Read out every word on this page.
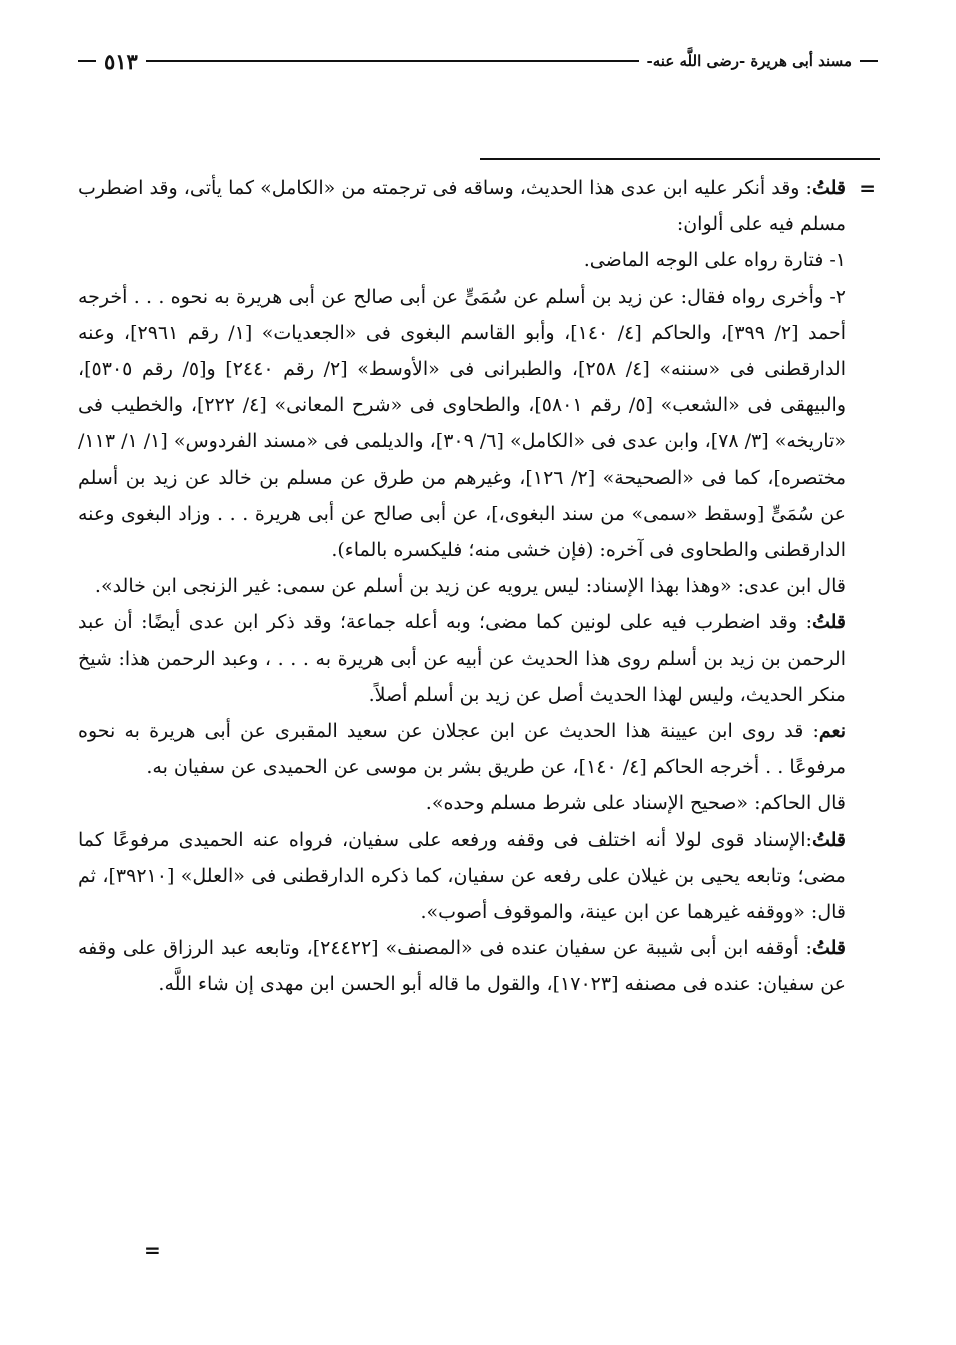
مسند أبى هريرة -رضى اللَّه عنه-
٥١٣
=

قلتُ: وقد أنكر عليه ابن عدى هذا الحديث، وساقه فى ترجمته من «الكامل» كما يأتى، وقد اضطرب مسلم فيه على ألوان:

١- فتارة رواه على الوجه الماضى.

٢- وأخرى رواه فقال: عن زيد بن أسلم عن سُمَىٍّ عن أبى صالح عن أبى هريرة به نحوه . . . أخرجه أحمد [٢/ ٣٩٩]، والحاكم [٤/ ١٤٠]، وأبو القاسم البغوى فى «الجعديات» [١/ رقم ٢٩٦١]، وعنه الدارقطنى فى «سننه» [٤/ ٢٥٨]، والطبرانى فى «الأوسط» [٢/ رقم ٢٤٤٠] و[٥/ رقم ٥٣٠٥]، والبيهقى فى «الشعب» [٥/ رقم ٥٨٠١]، والطحاوى فى «شرح المعانى» [٤/ ٢٢٢]، والخطيب فى «تاريخه» [٣/ ٧٨]، وابن عدى فى «الكامل» [٦/ ٣٠٩]، والديلمى فى «مسند الفردوس» [١/ ١/ ١١٣/ مختصره]، كما فى «الصحيحة» [٢/ ١٢٦]، وغيرهم من طرق عن مسلم بن خالد عن زيد بن أسلم عن سُمَىٍّ [وسقط «سمى» من سند البغوى،]، عن أبى صالح عن أبى هريرة . . . وزاد البغوى وعنه الدارقطنى والطحاوى فى آخره: (فإن خشى منه؛ فليكسره بالماء).

قال ابن عدى: «وهذا بهذا الإسناد: ليس يرويه عن زيد بن أسلم عن سمى: غير الزنجى ابن خالد».

قلتُ: وقد اضطرب فيه على لونين كما مضى؛ وبه أعله جماعة؛ وقد ذكر ابن عدى أيضًا: أن عبد الرحمن بن زيد بن أسلم روى هذا الحديث عن أبيه عن أبى هريرة به . . . ، وعبد الرحمن هذا: شيخ منكر الحديث، وليس لهذا الحديث أصل عن زيد بن أسلم أصلاً.

نعم: قد روى ابن عيينة هذا الحديث عن ابن عجلان عن سعيد المقبرى عن أبى هريرة به نحوه مرفوعًا . . أخرجه الحاكم [٤/ ١٤٠]، عن طريق بشر بن موسى عن الحميدى عن سفيان به.

قال الحاكم: «صحيح الإسناد على شرط مسلم وحده».

قلتُ:الإسناد قوى لولا أنه اختلف فى وقفه ورفعه على سفيان، فرواه عنه الحميدى مرفوعًا كما مضى؛ وتابعه يحيى بن غيلان على رفعه عن سفيان، كما ذكره الدارقطنى فى «العلل» [٣٩٢١٠]، ثم قال: «ووقفه غيرهما عن ابن عينة، والموقوف أصوب».

قلتُ: أوقفه ابن أبى شيبة عن سفيان عنده فى «المصنف» [٢٤٤٢٢]، وتابعه عبد الرزاق على وقفه عن سفيان: عنده فى مصنفه [١٧٠٢٣]، والقول ما قاله أبو الحسن ابن مهدى إن شاء اللَّه.

=
